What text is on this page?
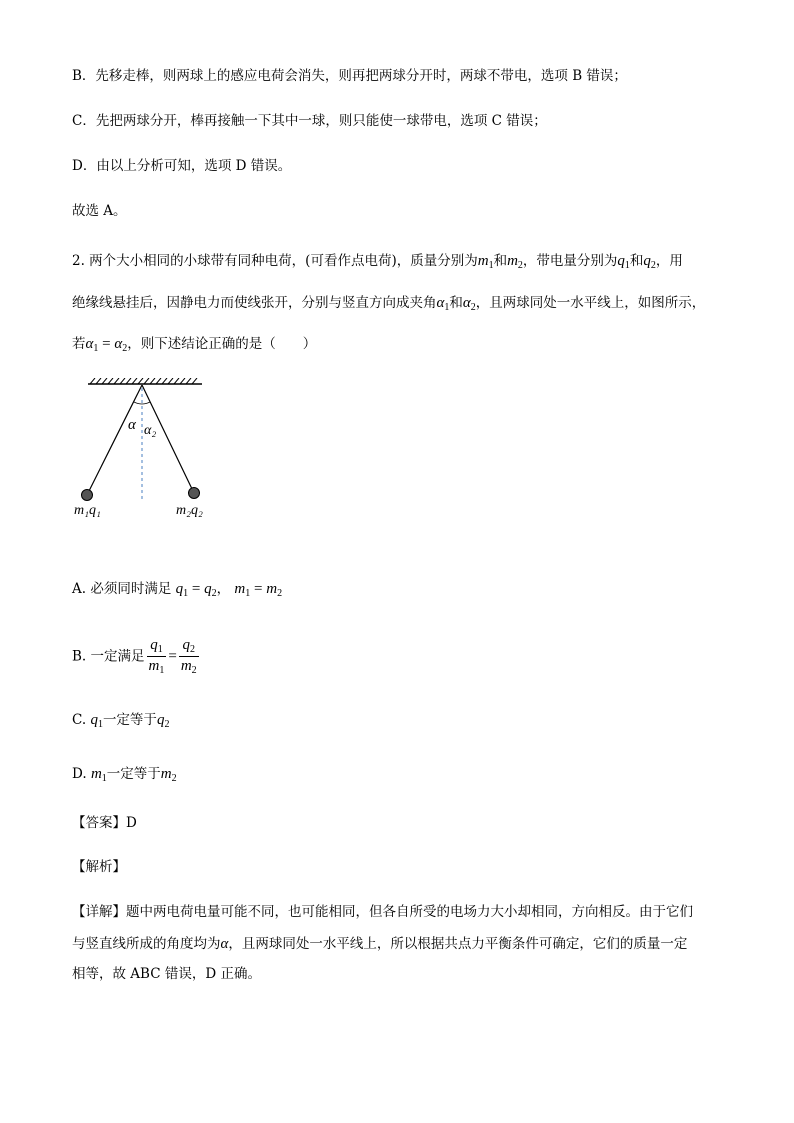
B．先移走棒，则两球上的感应电荷会消失，则再把两球分开时，两球不带电，选项 B 错误；
C．先把两球分开，棒再接触一下其中一球，则只能使一球带电，选项 C 错误；
D．由以上分析可知，选项 D 错误。
故选 A。
2. 两个大小相同的小球带有同种电荷，(可看作点电荷)，质量分别为$m_1$和$m_2$，带电量分别为$q_1$和$q_2$，用
绝缘线悬挂后，因静电力而使线张开，分别与竖直方向成夹角$\alpha_1$和$\alpha_2$，且两球同处一水平线上，如图所示，
若$\alpha_1 = \alpha_2$，则下述结论正确的是（　　）
α α₂
m₁q₁	m₂q₂
A. 必须同时满足 $q_1 = q_2$， $m_1 = m_2$
B. 一定满足 $\frac{q_1}{m_1} = \frac{q_2}{m_2}$
C. $q_1$一定等于$q_2$
D. $m_1$一定等于$m_2$
【答案】D
【解析】
【详解】题中两电荷电量可能不同，也可能相同，但各自所受的电场力大小却相同，方向相反。由于它们
与竖直线所成的角度均为α，且两球同处一水平线上，所以根据共点力平衡条件可确定，它们的质量一定
相等，故 ABC 错误，D 正确。
